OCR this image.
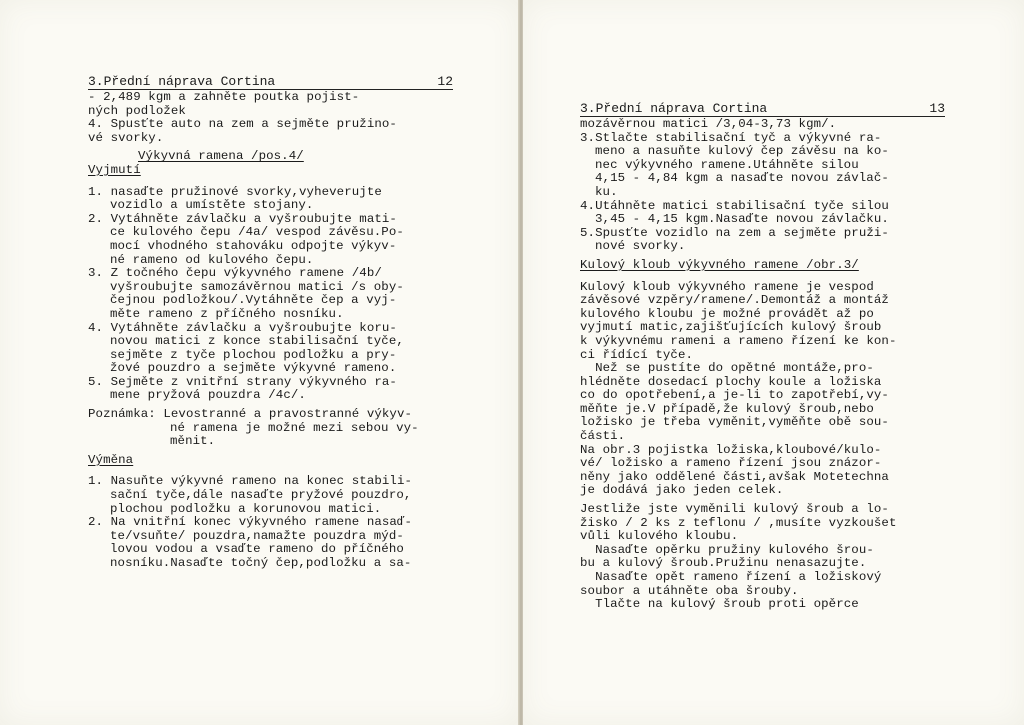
3.Přední náprava Cortina	12
- 2,489 kgm a zahněte poutka pojist-
ných podložek
4. Spusťte auto na zem a sejměte pružino-
vé svorky.
Výkyvná ramena /pos.4/
Vyjmutí
1. nasaďte pružinové svorky,vyheverujte
vozidlo a umístěte stojany.
2. Vytáhněte závlačku a vyšroubujte mati-
ce kulového čepu /4a/ vespod závěsu.Po-
mocí vhodného stahováku odpojte výkyv-
né rameno od kulového čepu.
3. Z točného čepu výkyvného ramene /4b/
vyšroubujte samozávěrnou matici /s oby-
čejnou podložkou/.Vytáhněte čep a vyj-
měte rameno z příčného nosníku.
4. Vytáhněte závlačku a vyšroubujte koru-
novou matici z konce stabilisační tyče,
sejměte z tyče plochou podložku a pry-
žové pouzdro a sejměte výkyvné rameno.
5. Sejměte z vnitřní strany výkyvného ra-
mene pryžová pouzdra /4c/.
Poznámka: Levostranné a pravostranné výkyv-
né ramena je možné mezi sebou vy-
měnit.
Výměna
1. Nasuňte výkyvné rameno na konec stabili-
sační tyče,dále nasaďte pryžové pouzdro,
plochou podložku a korunovou matici.
2. Na vnitřní konec výkyvného ramene nasaď-
te/vsuňte/ pouzdra,namažte pouzdra mýd-
lovou vodou a vsaďte rameno do příčného
nosníku.Nasaďte točný čep,podložku a sa-
3.Přední náprava Cortina	13
mozávěrnou matici /3,04-3,73 kgm/.
3.Stlačte stabilisační tyč a výkyvné ra-
meno a nasuňte kulový čep závěsu na ko-
nec výkyvného ramene.Utáhněte silou
4,15 - 4,84 kgm a nasaďte novou závlač-
ku.
4.Utáhněte matici stabilisační tyče silou
3,45 - 4,15 kgm.Nasaďte novou závlačku.
5.Spusťte vozidlo na zem a sejměte pruži-
nové svorky.
Kulový kloub výkyvného ramene /obr.3/
Kulový kloub výkyvného ramene je vespod
závěsové vzpěry/ramene/.Demontáž a montáž
kulového kloubu je možné provádět až po
vyjmutí matic,zajišťujících kulový šroub
k výkyvnému rameni a rameno řízení ke kon-
ci řídící tyče.
Než se pustíte do opětné montáže,pro-
hlédněte dosedací plochy koule a ložiska
co do opotřebení,a je-li to zapotřebí,vy-
měňte je.V případě,že kulový šroub,nebo
ložisko je třeba vyměnit,vyměňte obě sou-
části.
Na obr.3 pojistka ložiska,kloubové/kulo-
vé/ ložisko a rameno řízení jsou znázor-
něny jako oddělené části,avšak Motetechna
je dodává jako jeden celek.
Jestliže jste vyměnili kulový šroub a lo-
žisko / 2 ks z teflonu / ,musíte vyzkoušet
vůli kulového kloubu.
Nasaďte opěrku pružiny kulového šrou-
bu a kulový šroub.Pružinu nenasazujte.
Nasaďte opět rameno řízení a ložiskový
soubor a utáhněte oba šrouby.
Tlačte na kulový šroub proti opěrce
